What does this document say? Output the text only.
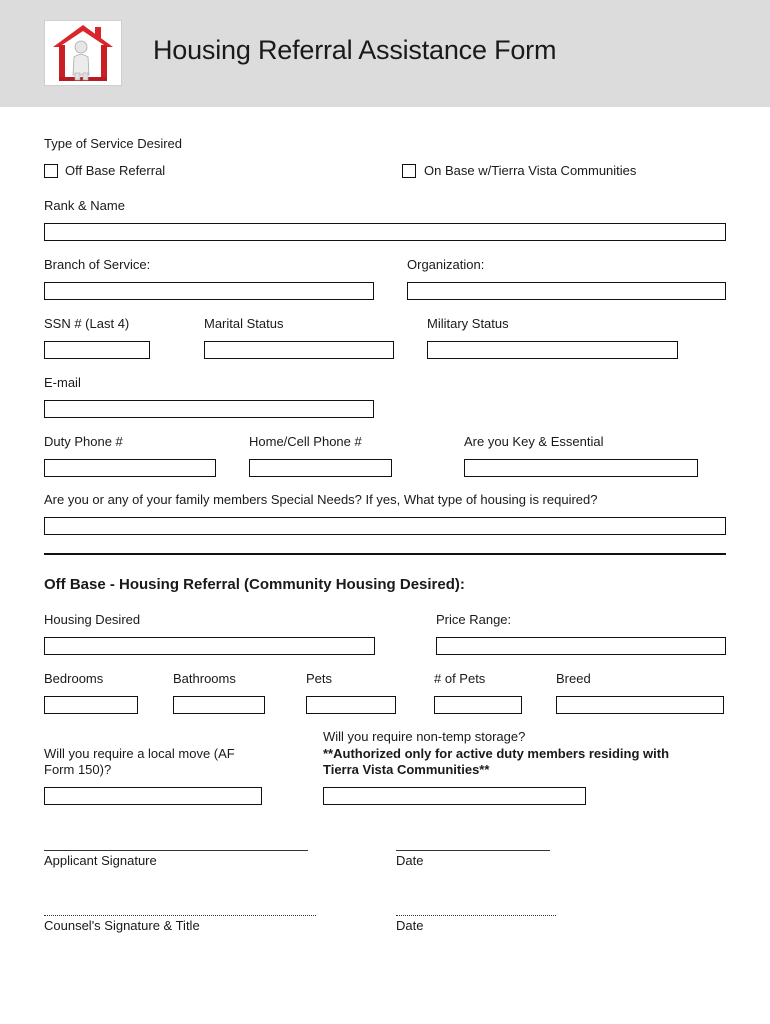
Housing Referral Assistance Form
Type of Service Desired
Off Base Referral	On Base w/Tierra Vista Communities
Rank & Name
Branch of Service:	Organization:
SSN # (Last 4)	Marital Status	Military Status
E-mail
Duty Phone #	Home/Cell Phone #	Are you Key & Essential
Are you or any of your family members Special Needs? If yes, What type of housing is required?
Off Base - Housing Referral (Community Housing Desired):
Housing Desired	Price Range:
Bedrooms	Bathrooms	Pets	# of Pets	Breed
Will you require a local move (AF Form 150)?
Will you require non-temp storage?
**Authorized only for active duty members residing with Tierra Vista Communities**
Applicant Signature	Date
Counsel's Signature & Title	Date
